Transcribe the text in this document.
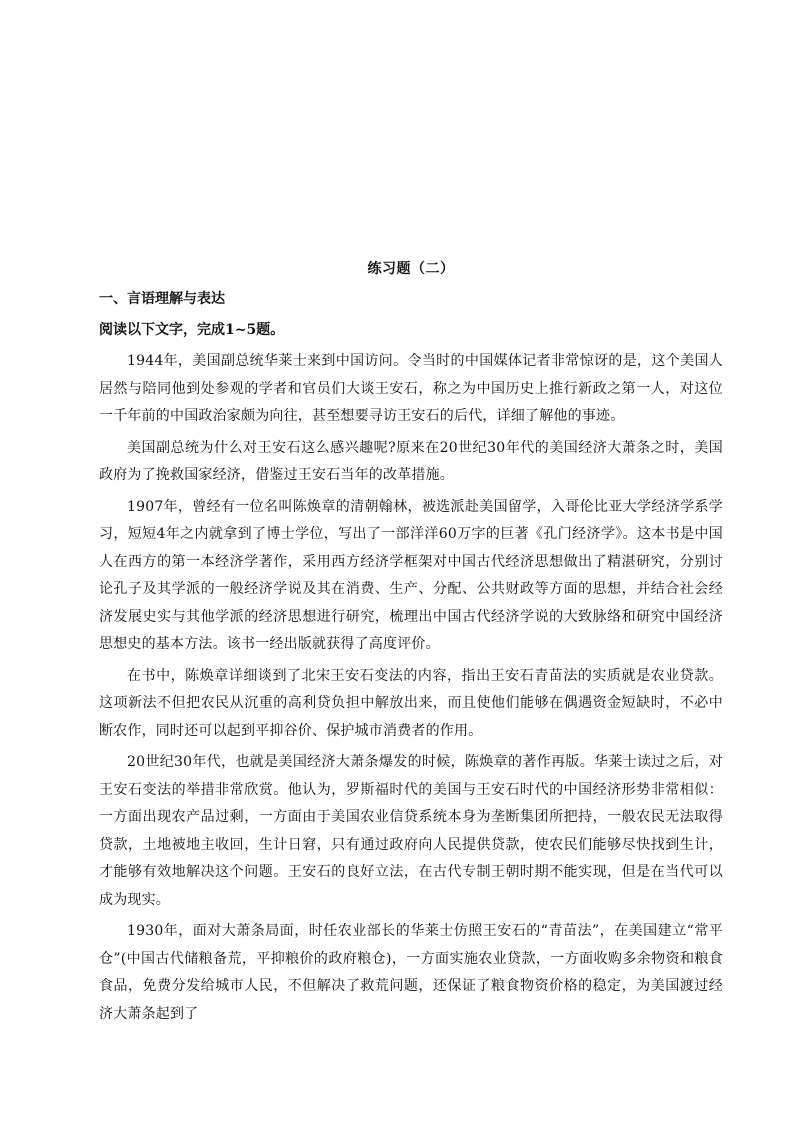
练习题（二）
一、言语理解与表达
阅读以下文字，完成1~5题。

1944年，美国副总统华莱士来到中国访问。令当时的中国媒体记者非常惊讶的是，这个美国人居然与陪同他到处参观的学者和官员们大谈王安石，称之为中国历史上推行新政之第一人，对这位一千年前的中国政治家颇为向往，甚至想要寻访王安石的后代，详细了解他的事迹。

美国副总统为什么对王安石这么感兴趣呢?原来在20世纪30年代的美国经济大萧条之时，美国政府为了挽救国家经济，借鉴过王安石当年的改革措施。

1907年，曾经有一位名叫陈焕章的清朝翰林，被选派赴美国留学，入哥伦比亚大学经济学系学习，短短4年之内就拿到了博士学位，写出了一部洋洋60万字的巨著《孔门经济学》。这本书是中国人在西方的第一本经济学著作，采用西方经济学框架对中国古代经济思想做出了精湛研究，分别讨论孔子及其学派的一般经济学说及其在消费、生产、分配、公共财政等方面的思想，并结合社会经济发展史实与其他学派的经济思想进行研究，梳理出中国古代经济学说的大致脉络和研究中国经济思想史的基本方法。该书一经出版就获得了高度评价。

在书中，陈焕章详细谈到了北宋王安石变法的内容，指出王安石青苗法的实质就是农业贷款。这项新法不但把农民从沉重的高利贷负担中解放出来，而且使他们能够在偶遇资金短缺时，不必中断农作，同时还可以起到平抑谷价、保护城市消费者的作用。

20世纪30年代，也就是美国经济大萧条爆发的时候，陈焕章的著作再版。华莱士读过之后，对王安石变法的举措非常欣赏。他认为，罗斯福时代的美国与王安石时代的中国经济形势非常相似：一方面出现农产品过剩，一方面由于美国农业信贷系统本身为垄断集团所把持，一般农民无法取得贷款，土地被地主收回，生计日窘，只有通过政府向人民提供贷款，使农民们能够尽快找到生计，才能够有效地解决这个问题。王安石的良好立法，在古代专制王朝时期不能实现，但是在当代可以成为现实。

1930年，面对大萧条局面，时任农业部长的华莱士仿照王安石的“青苗法”，在美国建立“常平仓”(中国古代储粮备荒，平抑粮价的政府粮仓)，一方面实施农业贷款，一方面收购多余物资和粮食食品，免费分发给城市人民，不但解决了救荒问题，还保证了粮食物资价格的稳定，为美国渡过经济大萧条起到了
